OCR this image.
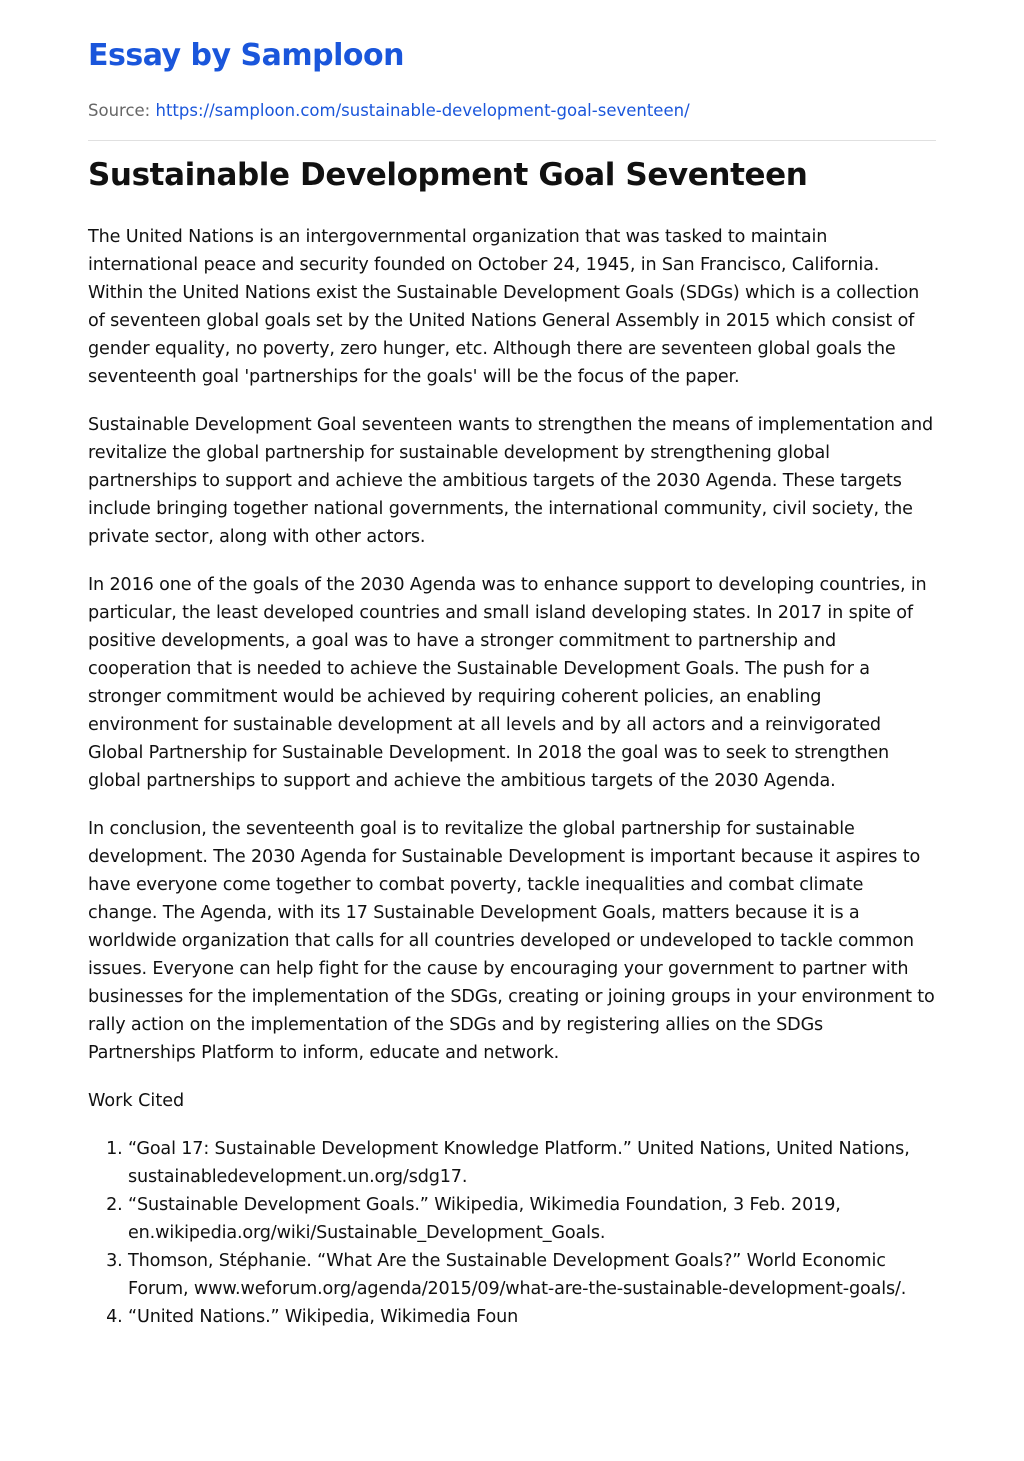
Essay by Samploon
Source: https://samploon.com/sustainable-development-goal-seventeen/
Sustainable Development Goal Seventeen

The United Nations is an intergovernmental organization that was tasked to maintain international peace and security founded on October 24, 1945, in San Francisco, California. Within the United Nations exist the Sustainable Development Goals (SDGs) which is a collection of seventeen global goals set by the United Nations General Assembly in 2015 which consist of gender equality, no poverty, zero hunger, etc. Although there are seventeen global goals the seventeenth goal 'partnerships for the goals' will be the focus of the paper.

Sustainable Development Goal seventeen wants to strengthen the means of implementation and revitalize the global partnership for sustainable development by strengthening global partnerships to support and achieve the ambitious targets of the 2030 Agenda. These targets include bringing together national governments, the international community, civil society, the private sector, along with other actors.

In 2016 one of the goals of the 2030 Agenda was to enhance support to developing countries, in particular, the least developed countries and small island developing states. In 2017 in spite of positive developments, a goal was to have a stronger commitment to partnership and cooperation that is needed to achieve the Sustainable Development Goals. The push for a stronger commitment would be achieved by requiring coherent policies, an enabling environment for sustainable development at all levels and by all actors and a reinvigorated Global Partnership for Sustainable Development. In 2018 the goal was to seek to strengthen global partnerships to support and achieve the ambitious targets of the 2030 Agenda.

In conclusion, the seventeenth goal is to revitalize the global partnership for sustainable development. The 2030 Agenda for Sustainable Development is important because it aspires to have everyone come together to combat poverty, tackle inequalities and combat climate change. The Agenda, with its 17 Sustainable Development Goals, matters because it is a worldwide organization that calls for all countries developed or undeveloped to tackle common issues. Everyone can help fight for the cause by encouraging your government to partner with businesses for the implementation of the SDGs, creating or joining groups in your environment to rally action on the implementation of the SDGs and by registering allies on the SDGs Partnerships Platform to inform, educate and network.

Work Cited

1. “Goal 17: Sustainable Development Knowledge Platform.” United Nations, United Nations, sustainabledevelopment.un.org/sdg17.
2. “Sustainable Development Goals.” Wikipedia, Wikimedia Foundation, 3 Feb. 2019, en.wikipedia.org/wiki/Sustainable_Development_Goals.
3. Thomson, Stéphanie. “What Are the Sustainable Development Goals?” World Economic Forum, www.weforum.org/agenda/2015/09/what-are-the-sustainable-development-goals/.
4. “United Nations.” Wikipedia, Wikimedia Foun
